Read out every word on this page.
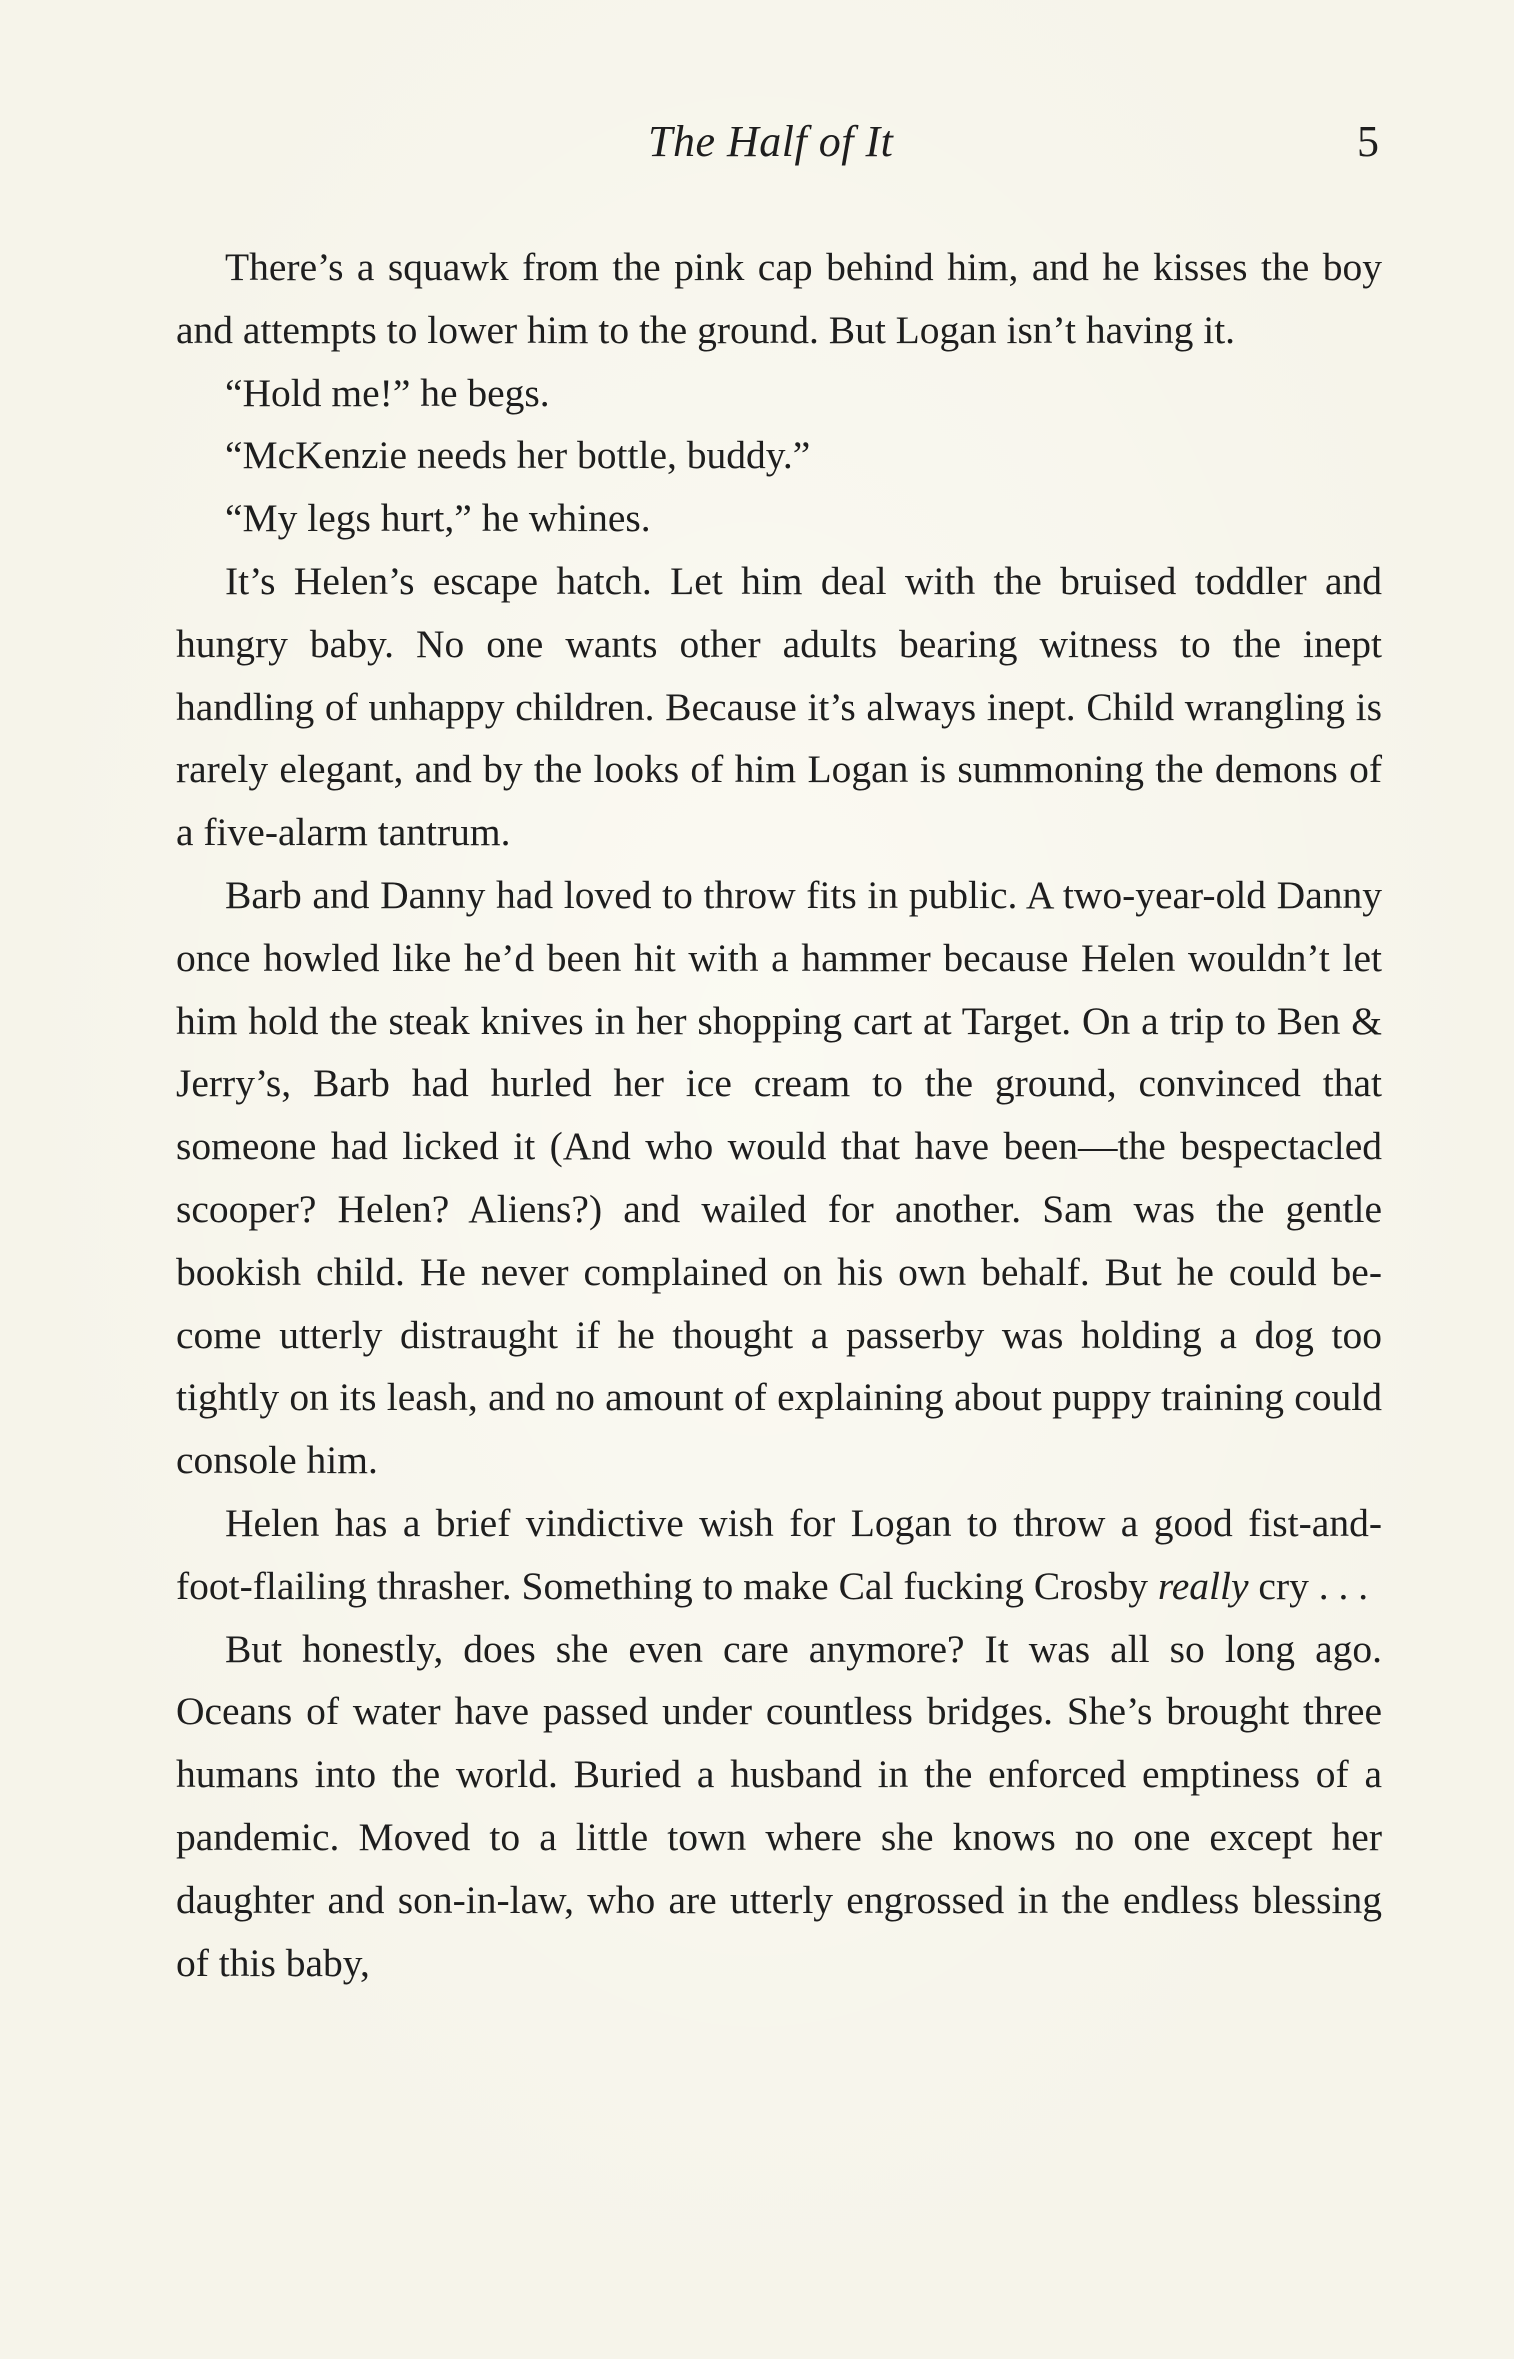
The Half of It	5

There’s a squawk from the pink cap behind him, and he kisses the boy and attempts to lower him to the ground. But Logan isn’t having it.

“Hold me!” he begs.

“McKenzie needs her bottle, buddy.”

“My legs hurt,” he whines.

It’s Helen’s escape hatch. Let him deal with the bruised toddler and hungry baby. No one wants other adults bearing witness to the inept handling of unhappy children. Because it’s always inept. Child wrangling is rarely elegant, and by the looks of him Logan is summoning the demons of a five-alarm tantrum.

Barb and Danny had loved to throw fits in public. A two-year-old Danny once howled like he’d been hit with a hammer because Helen wouldn’t let him hold the steak knives in her shopping cart at Target. On a trip to Ben & Jerry’s, Barb had hurled her ice cream to the ground, convinced that someone had licked it (And who would that have been—the bespectacled scooper? Helen? Aliens?) and wailed for another. Sam was the gentle bookish child. He never complained on his own behalf. But he could become utterly distraught if he thought a passerby was holding a dog too tightly on its leash, and no amount of explaining about puppy training could console him.

Helen has a brief vindictive wish for Logan to throw a good fist-and-foot-flailing thrasher. Something to make Cal fucking Crosby really cry . . .

But honestly, does she even care anymore? It was all so long ago. Oceans of water have passed under countless bridges. She’s brought three humans into the world. Buried a husband in the enforced emptiness of a pandemic. Moved to a little town where she knows no one except her daughter and son-in-law, who are utterly engrossed in the endless blessing of this baby,
